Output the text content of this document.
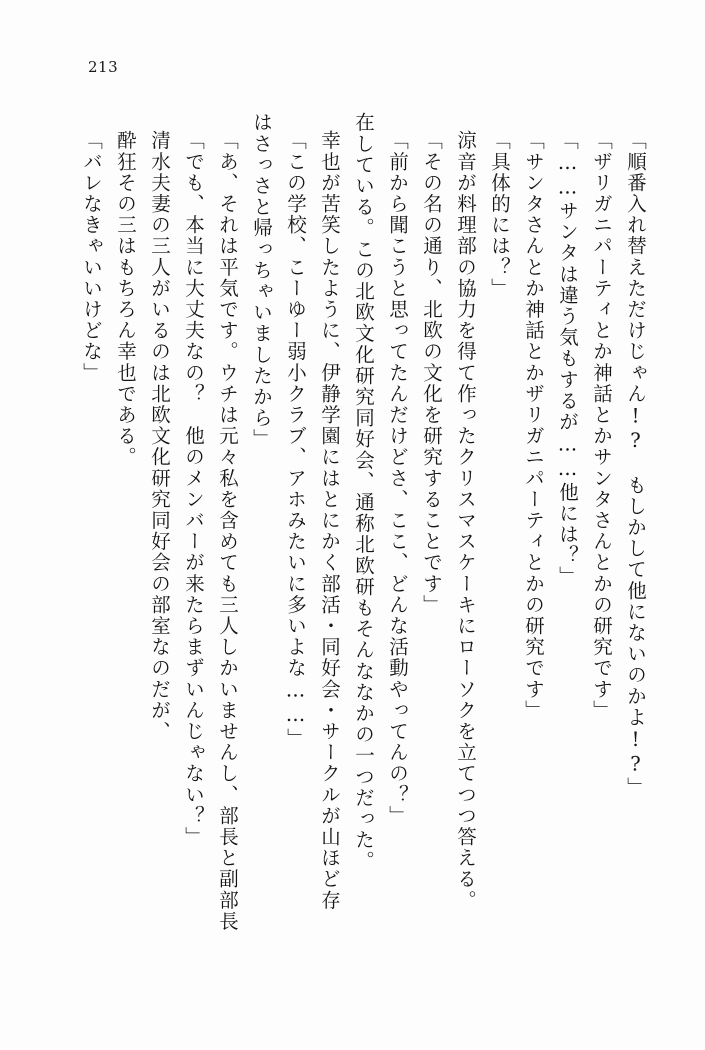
213
「バレなきゃいいけどな」 酔狂その三はもちろん幸也である。 清水夫妻の三人がいるのは北欧文化研究同好会の部室なのだが、 「でも、本当に大丈夫なの？　他のメンバーが来たらまずいんじゃない？」 「あ、それは平気です。ウチは元々私を含めても三人しかいませんし、部長と副部長 はさっさと帰っちゃいましたから」 「この学校、こーゆー弱小クラブ、アホみたいに多いよな……」 幸也が苦笑したように、伊静学園にはとにかく部活・同好会・サークルが山ほど存 在している。この北欧文化研究同好会、通称北欧研もそんななかの一つだった。 「前から聞こうと思ってたんだけどさ、ここ、どんな活動やってんの？」 「その名の通り、北欧の文化を研究することです」 涼音が料理部の協力を得て作ったクリスマスケーキにローソクを立てつつ答える。 「具体的には？」 「サンタさんとか神話とかザリガニパーティとかの研究です」 「……サンタは違う気もするが……他には？」 「ザリガニパーティとか神話とかサンタさんとかの研究です」 「順番入れ替えただけじゃん!?　もしかして他にないのかよ!?」
